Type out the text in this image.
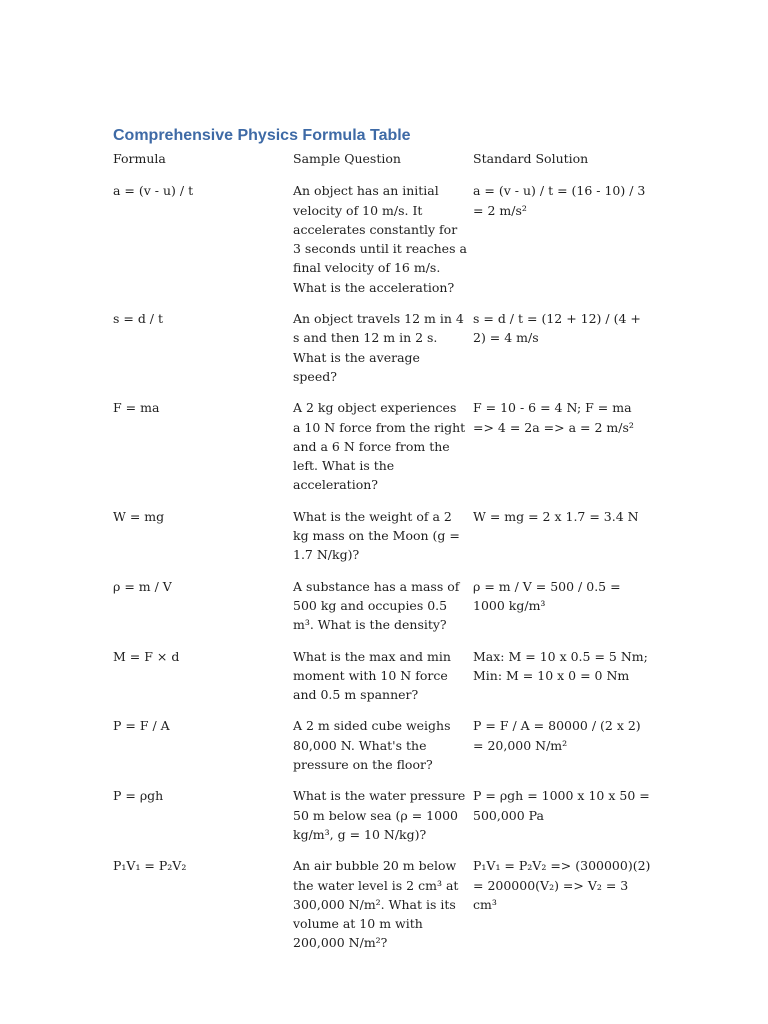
Comprehensive Physics Formula Table
Formula	Sample Question	Standard Solution
a = (v - u) / t	An object has an initial velocity of 10 m/s. It accelerates constantly for 3 seconds until it reaches a final velocity of 16 m/s. What is the acceleration?	a = (v - u) / t = (16 - 10) / 3 = 2 m/s²
s = d / t	An object travels 12 m in 4 s and then 12 m in 2 s. What is the average speed?	s = d / t = (12 + 12) / (4 + 2) = 4 m/s
F = ma	A 2 kg object experiences a 10 N force from the right and a 6 N force from the left. What is the acceleration?	F = 10 - 6 = 4 N; F = ma => 4 = 2a => a = 2 m/s²
W = mg	What is the weight of a 2 kg mass on the Moon (g = 1.7 N/kg)?	W = mg = 2 x 1.7 = 3.4 N
ρ = m / V	A substance has a mass of 500 kg and occupies 0.5 m³. What is the density?	ρ = m / V = 500 / 0.5 = 1000 kg/m³
M = F × d	What is the max and min moment with 10 N force and 0.5 m spanner?	Max: M = 10 x 0.5 = 5 Nm; Min: M = 10 x 0 = 0 Nm
P = F / A	A 2 m sided cube weighs 80,000 N. What's the pressure on the floor?	P = F / A = 80000 / (2 x 2) = 20,000 N/m²
P = ρgh	What is the water pressure 50 m below sea (ρ = 1000 kg/m³, g = 10 N/kg)?	P = ρgh = 1000 x 10 x 50 = 500,000 Pa
P₁V₁ = P₂V₂	An air bubble 20 m below the water level is 2 cm³ at 300,000 N/m². What is its volume at 10 m with 200,000 N/m²?	P₁V₁ = P₂V₂ => (300000)(2) = 200000(V₂) => V₂ = 3 cm³
